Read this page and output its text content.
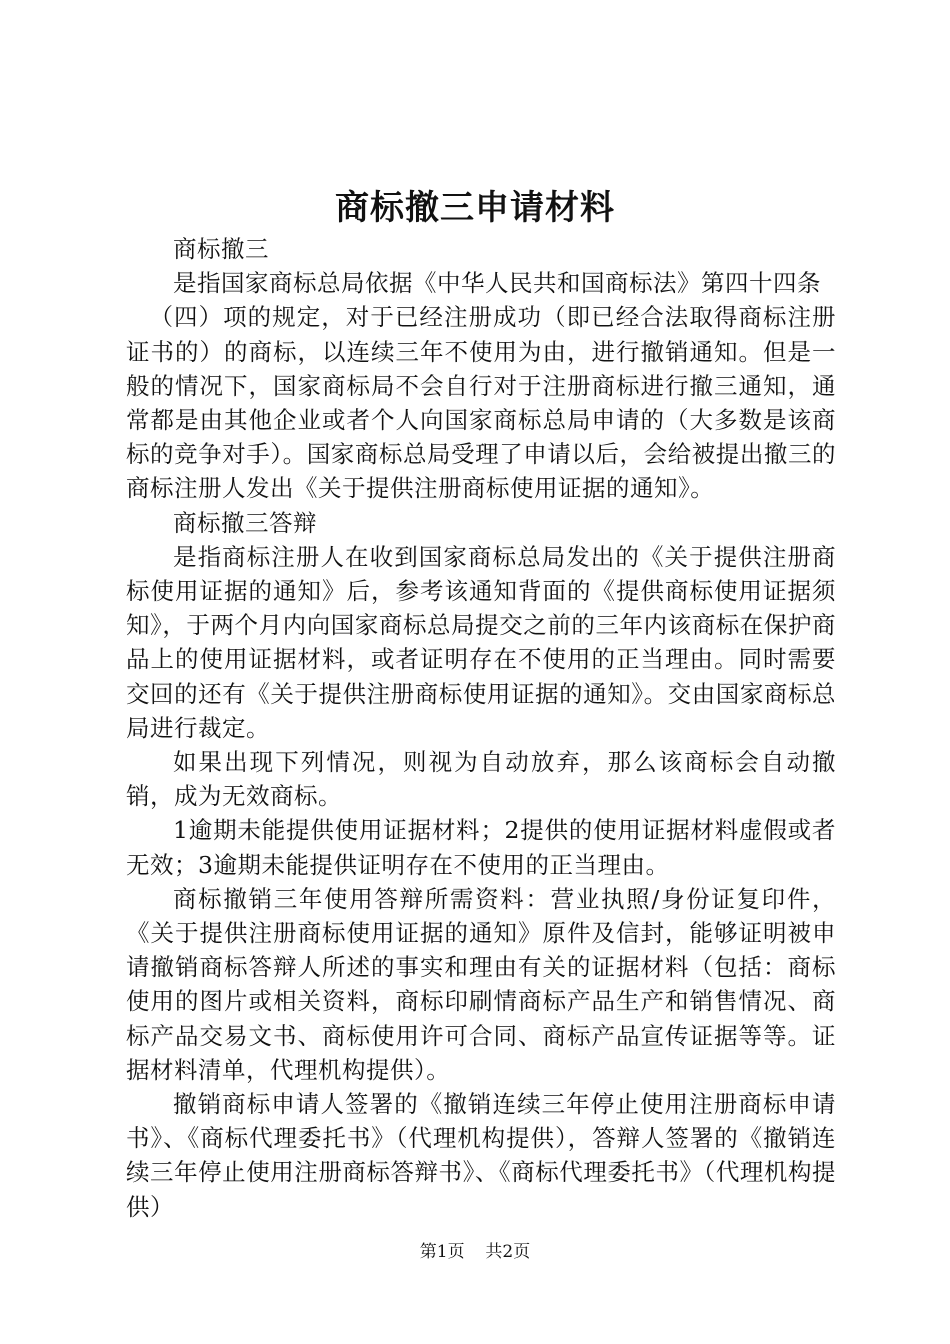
商标撤三申请材料

商标撤三

是指国家商标总局依据《中华人民共和国商标法》第四十四条

（四）项的规定，对于已经注册成功（即已经合法取得商标注册证书的）的商标，以连续三年不使用为由，进行撤销通知。但是一般的情况下，国家商标局不会自行对于注册商标进行撤三通知，通常都是由其他企业或者个人向国家商标总局申请的（大多数是该商标的竞争对手）。国家商标总局受理了申请以后，会给被提出撤三的商标注册人发出《关于提供注册商标使用证据的通知》。

商标撤三答辩

是指商标注册人在收到国家商标总局发出的《关于提供注册商标使用证据的通知》后，参考该通知背面的《提供商标使用证据须知》，于两个月内向国家商标总局提交之前的三年内该商标在保护商品上的使用证据材料，或者证明存在不使用的正当理由。同时需要交回的还有《关于提供注册商标使用证据的通知》。交由国家商标总局进行裁定。

如果出现下列情况，则视为自动放弃，那么该商标会自动撤销，成为无效商标。

1逾期未能提供使用证据材料；2提供的使用证据材料虚假或者无效；3逾期未能提供证明存在不使用的正当理由。

商标撤销三年使用答辩所需资料：营业执照/身份证复印件，《关于提供注册商标使用证据的通知》原件及信封，能够证明被申请撤销商标答辩人所述的事实和理由有关的证据材料（包括：商标使用的图片或相关资料，商标印刷情商标产品生产和销售情况、商标产品交易文书、商标使用许可合同、商标产品宣传证据等等。证据材料清单，代理机构提供）。

撤销商标申请人签署的《撤销连续三年停止使用注册商标申请书》、《商标代理委托书》（代理机构提供），答辩人签署的《撤销连续三年停止使用注册商标答辩书》、《商标代理委托书》（代理机构提供）

第1页 共2页
